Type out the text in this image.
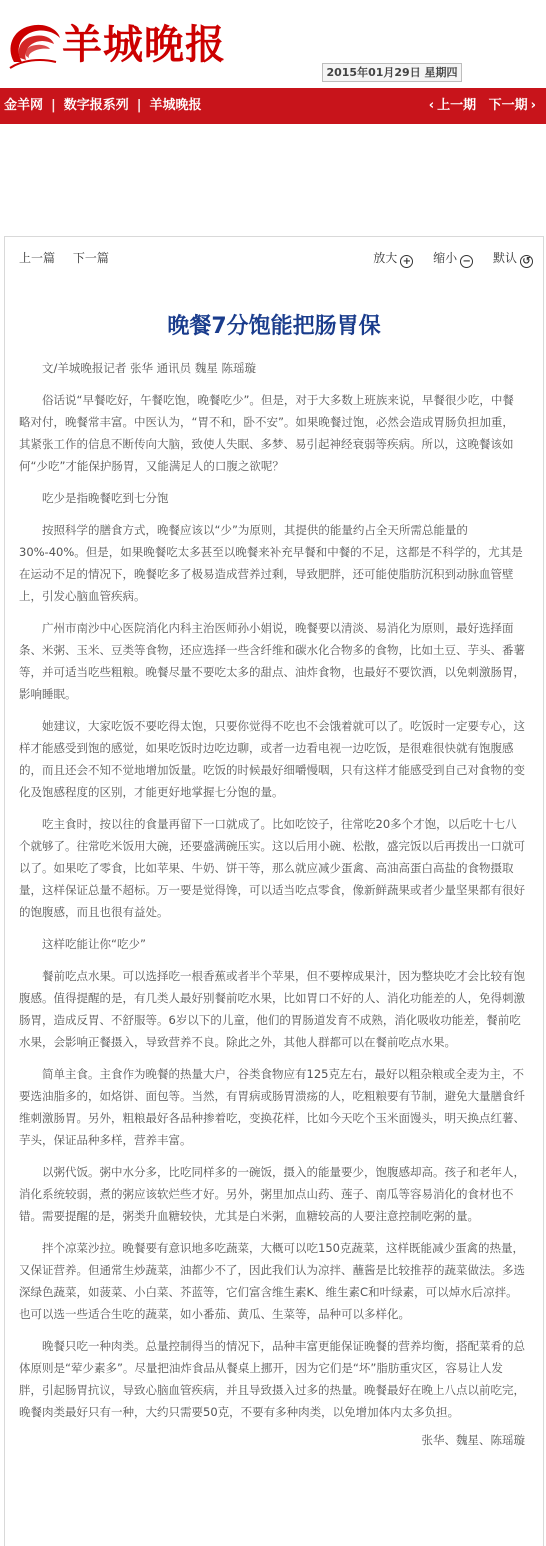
羊城晚报
2015年01月29日 星期四
金羊网 | 数字报系列 | 羊城晚报	‹ 上一期 下一期 ›
上一篇 下一篇	放大 + 缩小 − 默认 ↺
晚餐7分饱能把肠胃保

文/羊城晚报记者 张华 通讯员 魏星 陈瑶璇

俗话说“早餐吃好，午餐吃饱，晚餐吃少”。但是，对于大多数上班族来说，早餐很少吃，中餐略对付，晚餐常丰富。中医认为，“胃不和，卧不安”。如果晚餐过饱，必然会造成胃肠负担加重，其紧张工作的信息不断传向大脑，致使人失眠、多梦、易引起神经衰弱等疾病。所以，这晚餐该如何“少吃”才能保护肠胃，又能满足人的口腹之欲呢？

吃少是指晚餐吃到七分饱

按照科学的膳食方式，晚餐应该以“少”为原则，其提供的能量约占全天所需总能量的30%-40%。但是，如果晚餐吃太多甚至以晚餐来补充早餐和中餐的不足，这都是不科学的，尤其是在运动不足的情况下，晚餐吃多了极易造成营养过剩，导致肥胖，还可能使脂肪沉积到动脉血管壁上，引发心脑血管疾病。

广州市南沙中心医院消化内科主治医师孙小娟说，晚餐要以清淡、易消化为原则，最好选择面条、米粥、玉米、豆类等食物，还应选择一些含纤维和碳水化合物多的食物，比如土豆、芋头、番薯等，并可适当吃些粗粮。晚餐尽量不要吃太多的甜点、油炸食物，也最好不要饮酒，以免刺激肠胃，影响睡眠。

她建议，大家吃饭不要吃得太饱，只要你觉得不吃也不会饿着就可以了。吃饭时一定要专心，这样才能感受到饱的感觉，如果吃饭时边吃边聊，或者一边看电视一边吃饭，是很难很快就有饱腹感的，而且还会不知不觉地增加饭量。吃饭的时候最好细嚼慢咽，只有这样才能感受到自己对食物的变化及饱感程度的区别，才能更好地掌握七分饱的量。

吃主食时，按以往的食量再留下一口就成了。比如吃饺子，往常吃20多个才饱，以后吃十七八个就够了。往常吃米饭用大碗，还要盛满碗压实。这以后用小碗、松散，盛完饭以后再拨出一口就可以了。如果吃了零食，比如苹果、牛奶、饼干等，那么就应减少蛋禽、高油高蛋白高盐的食物摄取量，这样保证总量不超标。万一要是觉得馋，可以适当吃点零食，像新鲜蔬果或者少量坚果都有很好的饱腹感，而且也很有益处。

这样吃能让你“吃少”

餐前吃点水果。可以选择吃一根香蕉或者半个苹果，但不要榨成果汁，因为整块吃才会比较有饱腹感。值得提醒的是，有几类人最好别餐前吃水果，比如胃口不好的人、消化功能差的人，免得刺激肠胃，造成反胃、不舒服等。6岁以下的儿童，他们的胃肠道发育不成熟，消化吸收功能差，餐前吃水果，会影响正餐摄入，导致营养不良。除此之外，其他人群都可以在餐前吃点水果。

简单主食。主食作为晚餐的热量大户，谷类食物应有125克左右，最好以粗杂粮或全麦为主，不要选油脂多的，如烙饼、面包等。当然，有胃病或肠胃溃疡的人，吃粗粮要有节制，避免大量膳食纤维刺激肠胃。另外，粗粮最好各品种掺着吃，变换花样，比如今天吃个玉米面馒头，明天换点红薯、芋头，保证品种多样，营养丰富。

以粥代饭。粥中水分多，比吃同样多的一碗饭，摄入的能量要少，饱腹感却高。孩子和老年人，消化系统较弱，煮的粥应该软烂些才好。另外，粥里加点山药、莲子、南瓜等容易消化的食材也不错。需要提醒的是，粥类升血糖较快，尤其是白米粥，血糖较高的人要注意控制吃粥的量。

拌个凉菜沙拉。晚餐要有意识地多吃蔬菜，大概可以吃150克蔬菜，这样既能减少蛋禽的热量，又保证营养。但通常生炒蔬菜，油都少不了，因此我们认为凉拌、蘸酱是比较推荐的蔬菜做法。多选深绿色蔬菜，如菠菜、小白菜、芥蓝等，它们富含维生素K、维生素C和叶绿素，可以焯水后凉拌。也可以选一些适合生吃的蔬菜，如小番茄、黄瓜、生菜等，品种可以多样化。

晚餐只吃一种肉类。总量控制得当的情况下，品种丰富更能保证晚餐的营养均衡，搭配菜肴的总体原则是“荤少素多”。尽量把油炸食品从餐桌上挪开，因为它们是“坏”脂肪重灾区，容易让人发胖，引起肠胃抗议，导致心脑血管疾病，并且导致摄入过多的热量。晚餐最好在晚上八点以前吃完，晚餐肉类最好只有一种，大约只需要50克，不要有多种肉类，以免增加体内太多负担。

张华、魏星、陈瑶璇
